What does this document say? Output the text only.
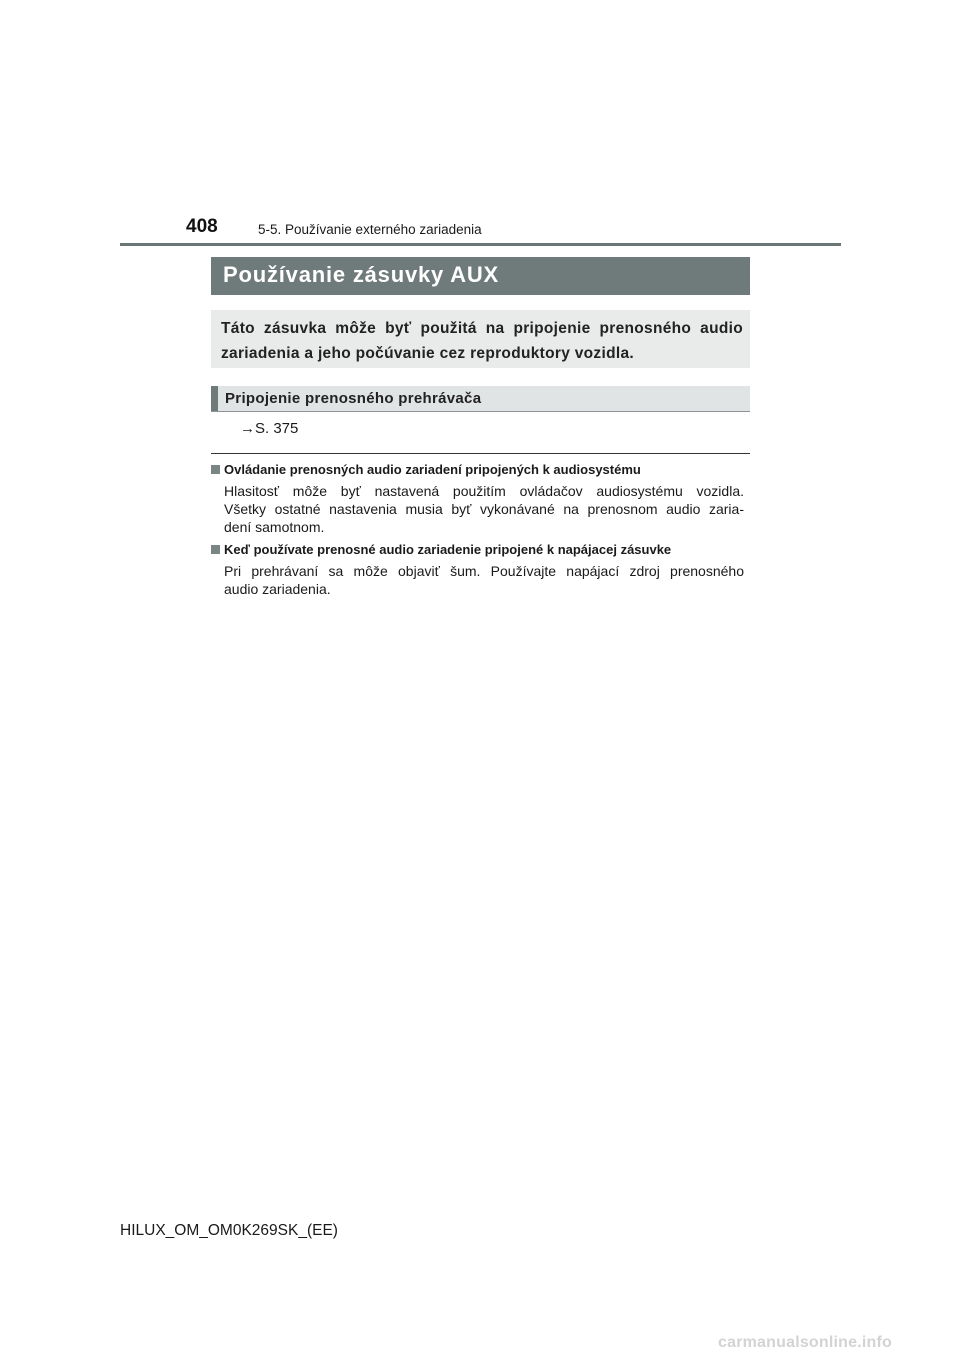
408	5-5. Používanie externého zariadenia
Používanie zásuvky AUX

Táto zásuvka môže byť použitá na pripojenie prenosného audio zariadenia a jeho počúvanie cez reproduktory vozidla.

Pripojenie prenosného prehrávača
→S. 375
Ovládanie prenosných audio zariadení pripojených k audiosystému
Hlasitosť môže byť nastavená použitím ovládačov audiosystému vozidla.
Všetky ostatné nastavenia musia byť vykonávané na prenosnom audio zaria-
dení samotnom.
Keď používate prenosné audio zariadenie pripojené k napájacej zásuvke
Pri prehrávaní sa môže objaviť šum. Používajte napájací zdroj prenosného
audio zariadenia.
HILUX_OM_OM0K269SK_(EE)
carmanualsonline.info
